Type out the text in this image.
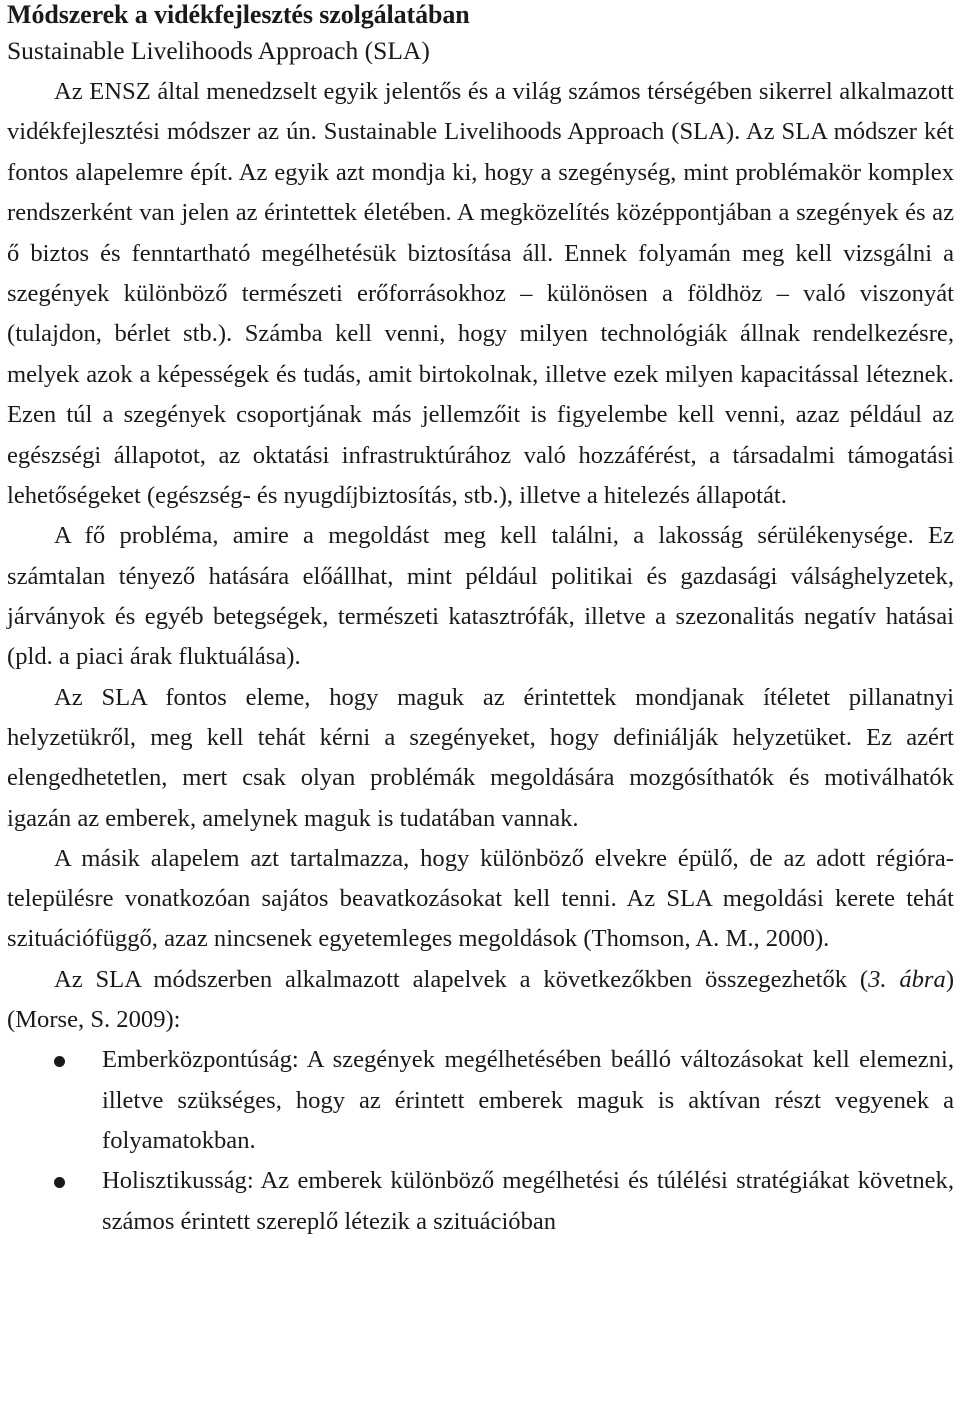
Módszerek a vidékfejlesztés szolgálatában
Sustainable Livelihoods Approach (SLA)

Az ENSZ által menedzselt egyik jelentős és a világ számos térségében sikerrel alkalmazott vidékfejlesztési módszer az ún. Sustainable Livelihoods Approach (SLA). Az SLA módszer két fontos alapelemre épít. Az egyik azt mondja ki, hogy a szegénység, mint problémakör komplex rendszerként van jelen az érintettek életében. A megközelítés középpontjában a szegények és az ő biztos és fenntartható megélhetésük biztosítása áll. Ennek folyamán meg kell vizsgálni a szegények különböző természeti erőforrásokhoz – különösen a földhöz – való viszonyát (tulajdon, bérlet stb.). Számba kell venni, hogy milyen technológiák állnak rendelkezésre, melyek azok a képességek és tudás, amit birtokolnak, illetve ezek milyen kapacitással léteznek. Ezen túl a szegények csoportjának más jellemzőit is figyelembe kell venni, azaz például az egészségi állapotot, az oktatási infrastruktúrához való hozzáférést, a társadalmi támogatási lehetőségeket (egészség- és nyugdíjbiztosítás, stb.), illetve a hitelezés állapotát.

A fő probléma, amire a megoldást meg kell találni, a lakosság sérülékenysége. Ez számtalan tényező hatására előállhat, mint például politikai és gazdasági válsághelyzetek, járványok és egyéb betegségek, természeti katasztrófák, illetve a szezonalitás negatív hatásai (pld. a piaci árak fluktuálása).

Az SLA fontos eleme, hogy maguk az érintettek mondjanak ítéletet pillanatnyi helyzetükről, meg kell tehát kérni a szegényeket, hogy definiálják helyzetüket. Ez azért elengedhetetlen, mert csak olyan problémák megoldására mozgósíthatók és motiválhatók igazán az emberek, amelynek maguk is tudatában vannak.

A másik alapelem azt tartalmazza, hogy különböző elvekre épülő, de az adott régióra-településre vonatkozóan sajátos beavatkozásokat kell tenni. Az SLA megoldási kerete tehát szituációfüggő, azaz nincsenek egyetemleges megoldások (Thomson, A. M., 2000).

Az SLA módszerben alkalmazott alapelvek a következőkben összegezhetők (3. ábra) (Morse, S. 2009):

Emberközpontúság: A szegények megélhetésében beálló változásokat kell elemezni, illetve szükséges, hogy az érintett emberek maguk is aktívan részt vegyenek a folyamatokban.
Holisztikusság: Az emberek különböző megélhetési és túlélési stratégiákat követnek, számos érintett szereplő létezik a szituációban
